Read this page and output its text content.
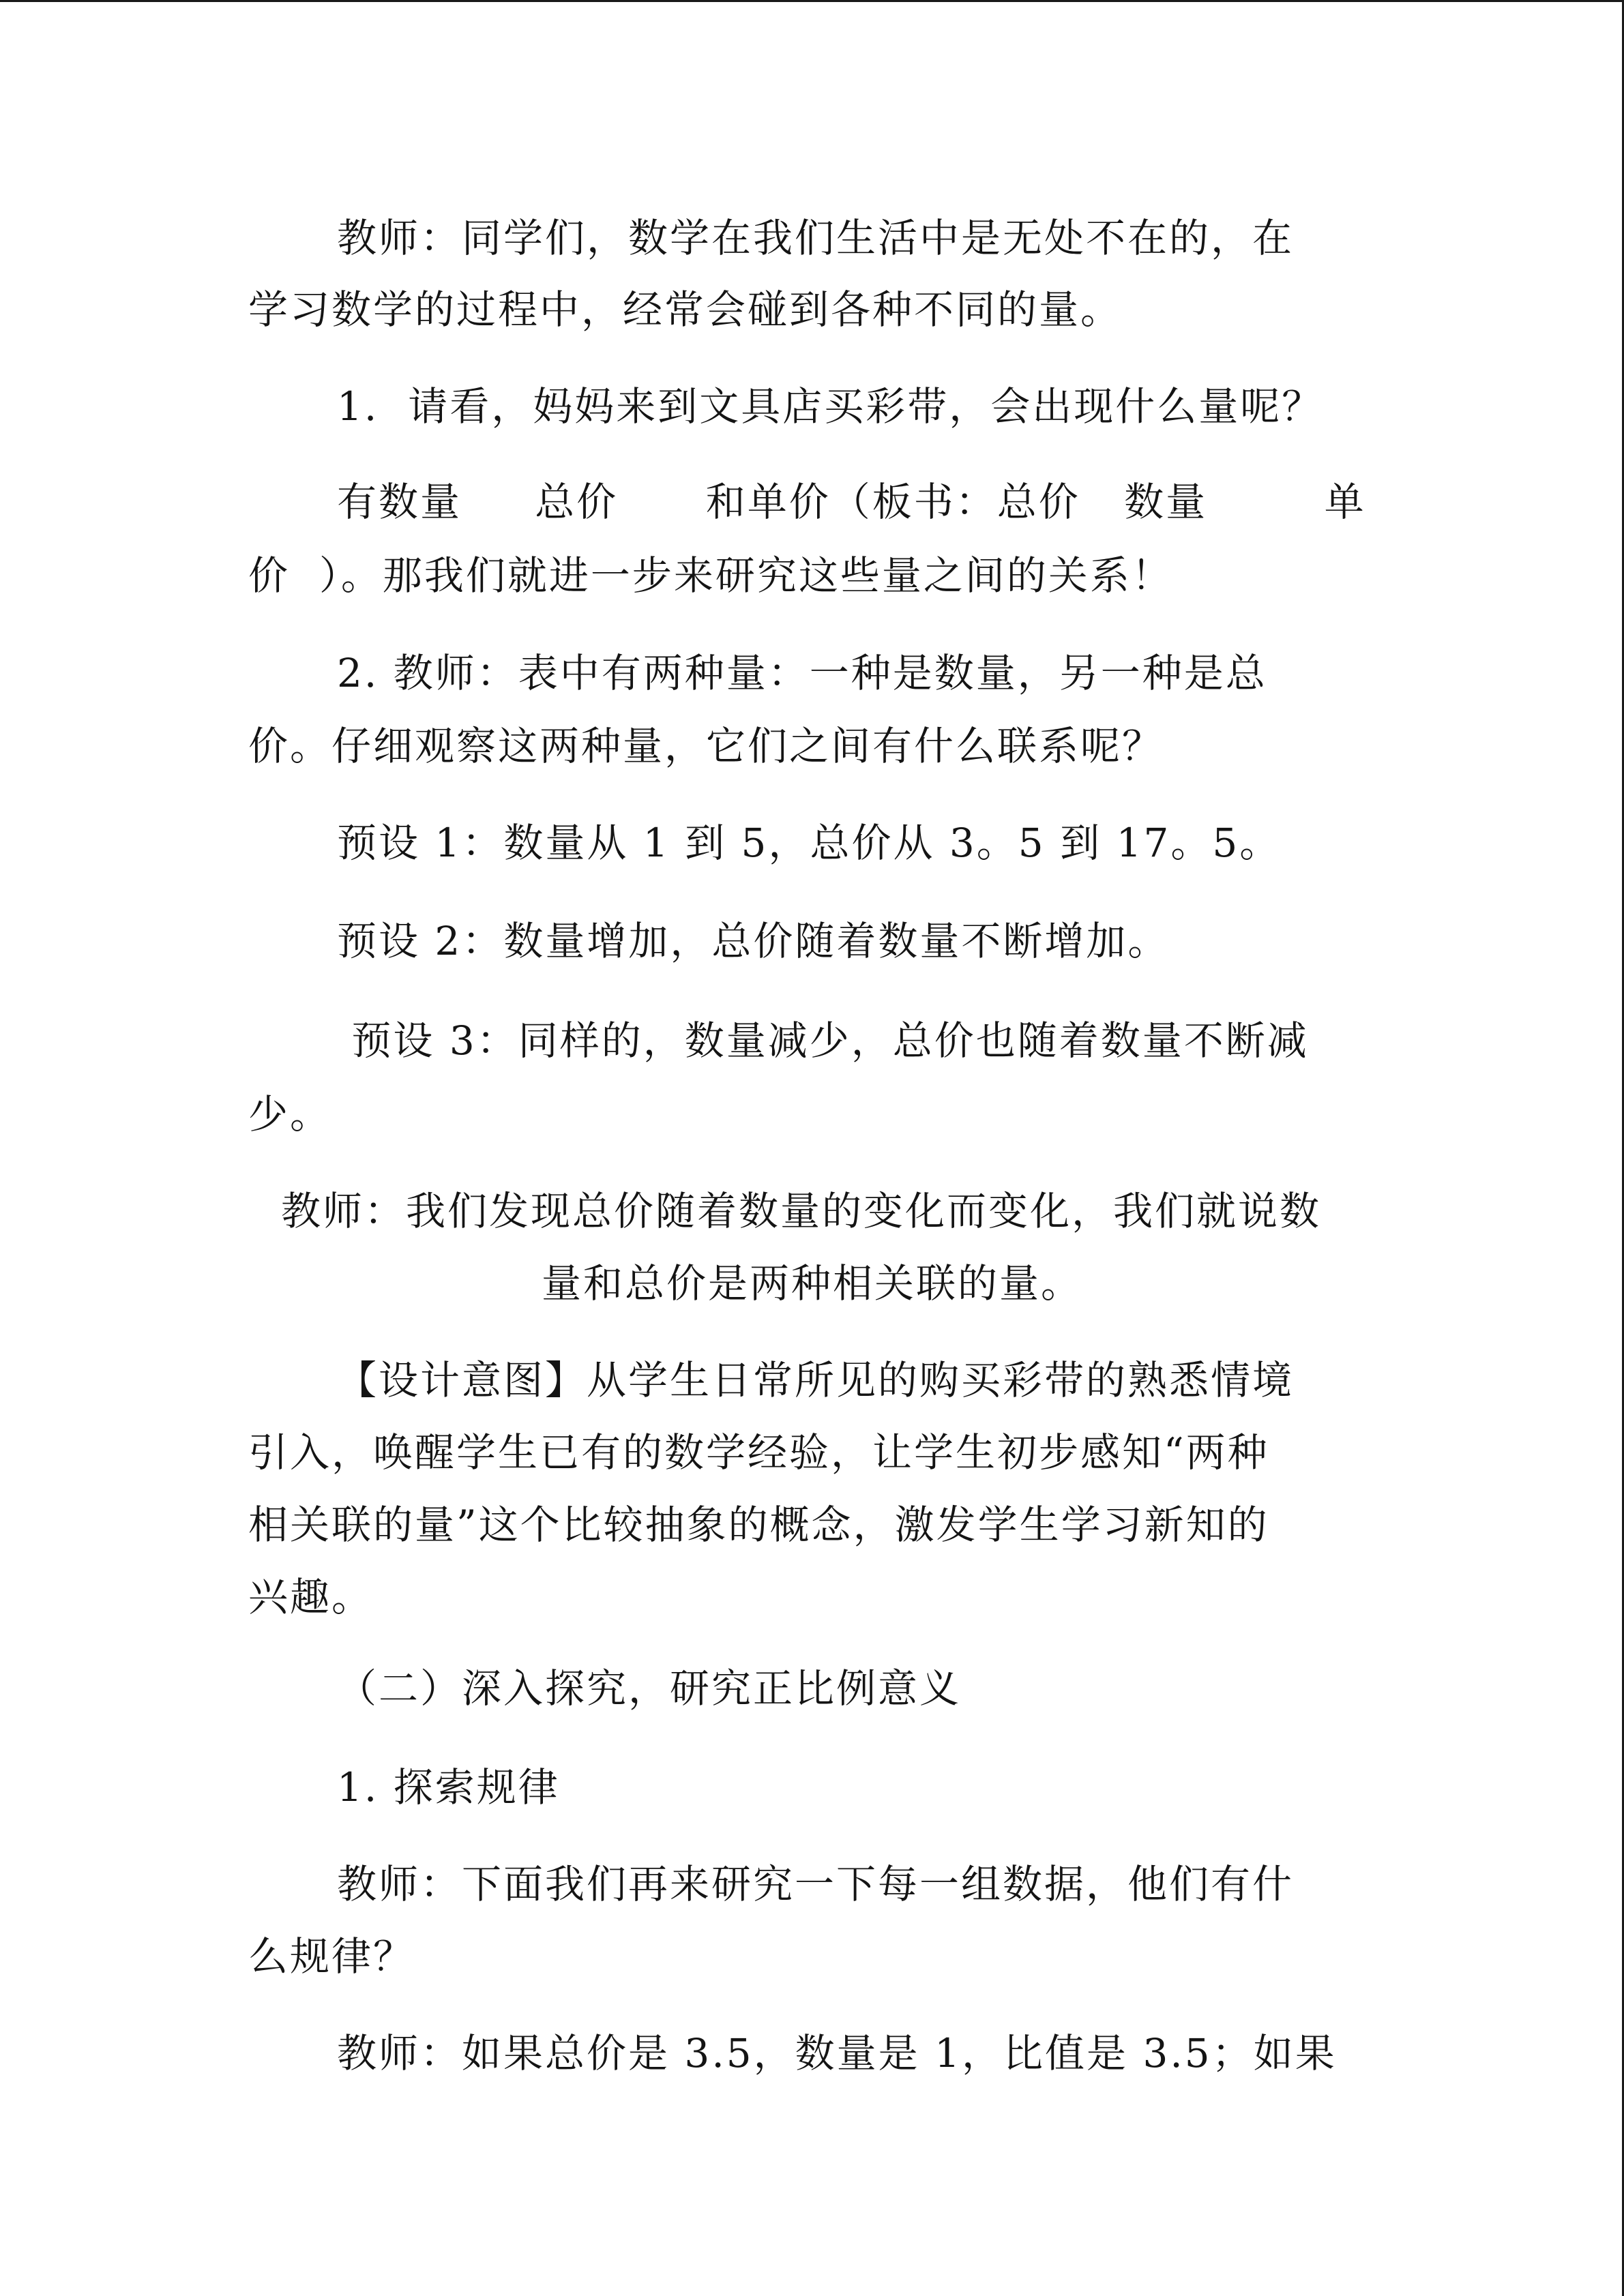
教师：同学们，数学在我们生活中是无处不在的，在
学习数学的过程中，经常会碰到各种不同的量。
1.  请看，妈妈来到文具店买彩带，会出现什么量呢？
有数量     总价      和单价（板书：总价   数量        单
价  ）。那我们就进一步来研究这些量之间的关系！
2. 教师：表中有两种量：一种是数量，另一种是总
价。仔细观察这两种量，它们之间有什么联系呢？
预设 1：数量从 1 到 5，总价从 3。5 到 17。5。
预设 2：数量增加，总价随着数量不断增加。
预设 3：同样的，数量减少，总价也随着数量不断减
少。
教师：我们发现总价随着数量的变化而变化，我们就说数
量和总价是两种相关联的量。
【设计意图】从学生日常所见的购买彩带的熟悉情境
引入，唤醒学生已有的数学经验，让学生初步感知“两种
相关联的量”这个比较抽象的概念，激发学生学习新知的
兴趣。
（二）深入探究，研究正比例意义
1. 探索规律
教师：下面我们再来研究一下每一组数据，他们有什
么规律？
教师：如果总价是 3.5，数量是 1，比值是 3.5；如果
